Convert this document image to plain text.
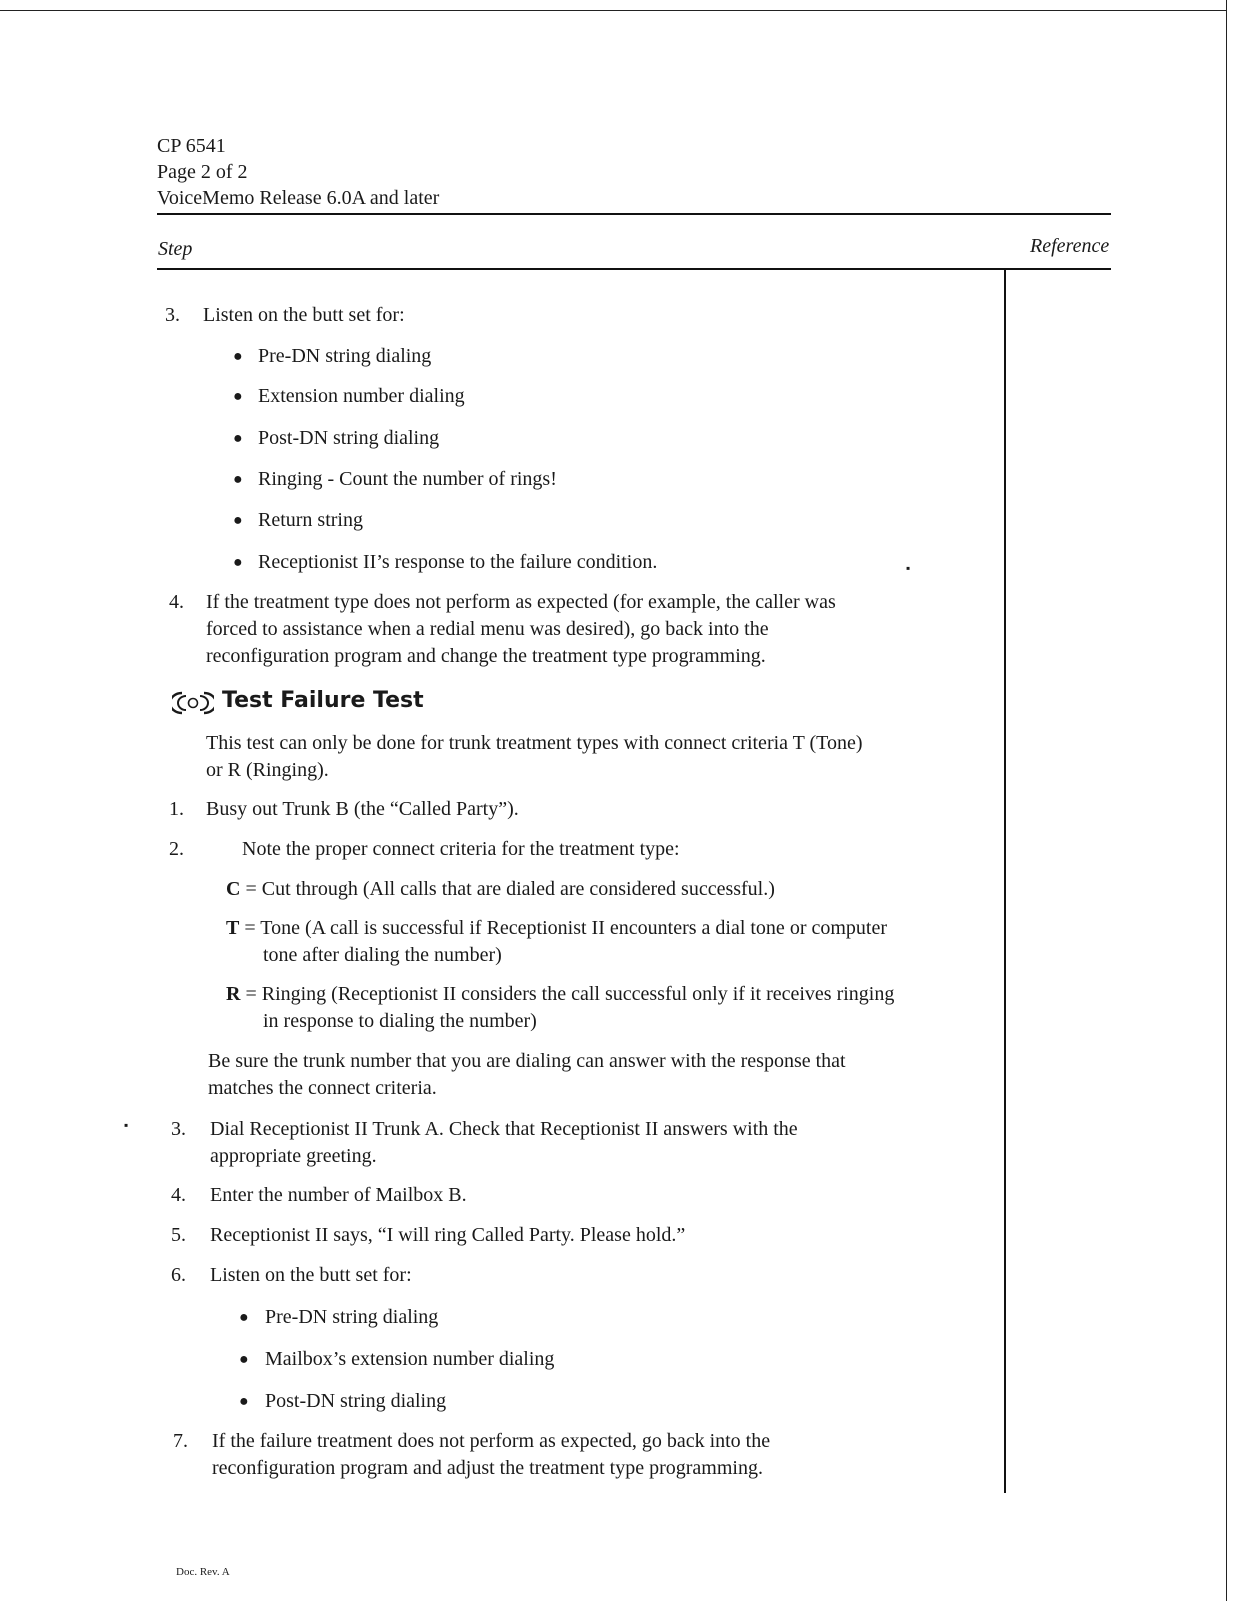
CP 6541
Page 2 of 2
VoiceMemo Release 6.0A and later
Step	Reference
3. Listen on the butt set for:
● Pre-DN string dialing
● Extension number dialing
● Post-DN string dialing
● Ringing - Count the number of rings!
● Return string
● Receptionist II’s response to the failure condition.	▪
4. If the treatment type does not perform as expected (for example, the caller was
forced to assistance when a redial menu was desired), go back into the
reconfiguration program and change the treatment type programming.
Test Failure Test
This test can only be done for trunk treatment types with connect criteria T (Tone)
or R (Ringing).
1. Busy out Trunk B (the “Called Party”).
2.	Note the proper connect criteria for the treatment type:
C = Cut through (All calls that are dialed are considered successful.)
T = Tone (A call is successful if Receptionist II encounters a dial tone or computer
tone after dialing the number)
R = Ringing (Receptionist II considers the call successful only if it receives ringing
in response to dialing the number)
Be sure the trunk number that you are dialing can answer with the response that
matches the connect criteria.
▪	3. Dial Receptionist II Trunk A. Check that Receptionist II answers with the
appropriate greeting.
4. Enter the number of Mailbox B.
5. Receptionist II says, “I will ring Called Party. Please hold.”
6. Listen on the butt set for:
● Pre-DN string dialing
● Mailbox’s extension number dialing
● Post-DN string dialing
7. If the failure treatment does not perform as expected, go back into the
reconfiguration program and adjust the treatment type programming.
Doc. Rev. A
